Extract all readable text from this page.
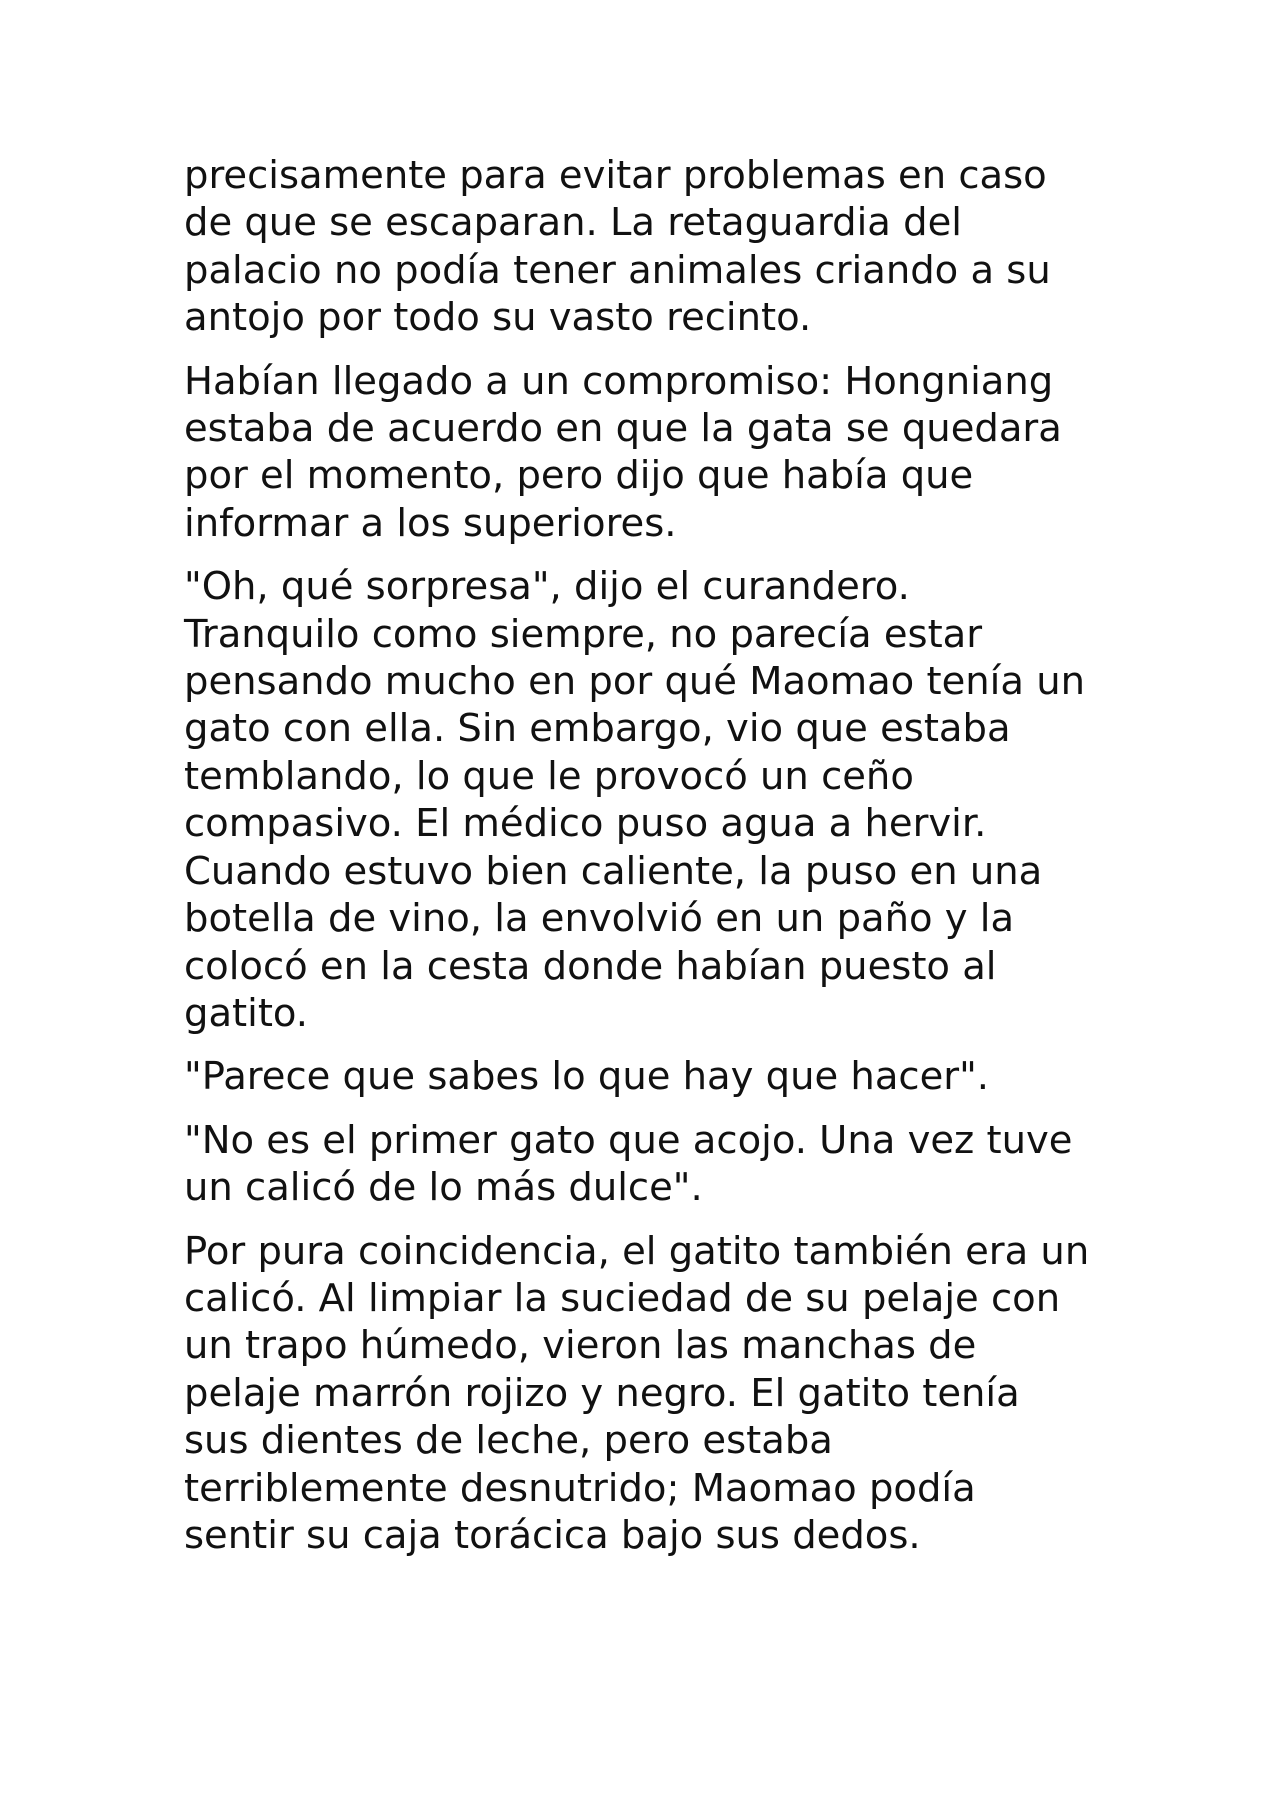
precisamente para evitar problemas en caso
de que se escaparan. La retaguardia del
palacio no podía tener animales criando a su
antojo por todo su vasto recinto.

Habían llegado a un compromiso: Hongniang
estaba de acuerdo en que la gata se quedara
por el momento, pero dijo que había que
informar a los superiores.

"Oh, qué sorpresa", dijo el curandero.
Tranquilo como siempre, no parecía estar
pensando mucho en por qué Maomao tenía un
gato con ella. Sin embargo, vio que estaba
temblando, lo que le provocó un ceño
compasivo. El médico puso agua a hervir.
Cuando estuvo bien caliente, la puso en una
botella de vino, la envolvió en un paño y la
colocó en la cesta donde habían puesto al
gatito.

"Parece que sabes lo que hay que hacer".

"No es el primer gato que acojo. Una vez tuve
un calicó de lo más dulce".

Por pura coincidencia, el gatito también era un
calicó. Al limpiar la suciedad de su pelaje con
un trapo húmedo, vieron las manchas de
pelaje marrón rojizo y negro. El gatito tenía
sus dientes de leche, pero estaba
terriblemente desnutrido; Maomao podía
sentir su caja torácica bajo sus dedos.
